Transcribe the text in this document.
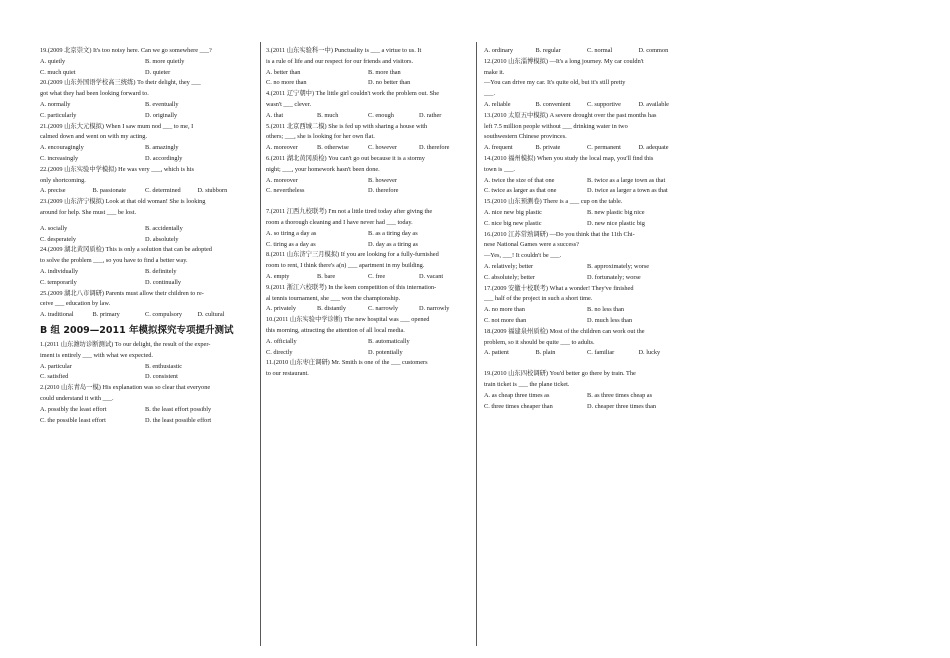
19.(2009 北京崇文) It's too noisy here. Can we go somewhere ___?

A. quietly	B. more quietly
C. much quiet	D. quieter

20.(2009 山东外国语学校高三统练) To their delight, they ___

got what they had been looking forward to.

A. normally	B. eventually
C. particularly	D. originally

21.(2009 山东大元模拟) When I saw mum nod ___ to me, I

calmed down and went on with my acting.

A. encouragingly	B. amazingly
C. increasingly	D. accordingly

22.(2009 山东实验中学模拟) He was very ___, which is his

only shortcoming.

A. precise	B. passionate	C. determined	D. stubborn

23.(2009 山东济宁模拟) Look at that old woman! She is looking

around for help. She must ___ be lost.

A. socially	B. accidentally
C. desperately	D. absolutely

24.(2009 湖北黄冈质检) This is only a solution that can be adopted

to solve the problem ___, so you have to find a better way.

A. individually	B. definitely
C. temporarily	D. continually

25.(2009 湖北八市调研) Parents must allow their children to re-

ceive ___ education by law.

A. traditional	B. primary	C. compulsory	D. cultural
B 组 2009—2011 年模拟探究专项提升测试

1.(2011 山东潍坊诊断测试) To our delight, the result of the exper-

iment is entirely ___ with what we expected.

A. particular	B. enthusiastic
C. satisfied	D. consistent

2.(2010 山东青岛一模) His explanation was so clear that everyone

could understand it with ___.

A. possibly the least effort	B. the least effort possibly
C. the possible least effort	D. the least possible effort

3.(2011 山东实验科一中) Punctuality is ___ a virtue to us. It

is a rule of life and our respect for our friends and visitors.

A. better than	B. more than
C. no more than	D. no better than

4.(2011 辽宁朝中) The little girl couldn't work the problem out. She

wasn't ___ clever.

A. that	B. much	C. enough	D. rather

5.(2011 北京西城二模) She is fed up with sharing a house with

others; ___, she is looking for her own flat.

A. moreover	B. otherwise	C. however	D. therefore

6.(2011 湖北黄冈质检) You can't go out because it is a stormy

night; ___, your homework hasn't been done.

A. moreover	B. however
C. nevertheless	D. therefore

7.(2011 江西九校联考) I'm not a little tired today after giving the

room a thorough cleaning and I have never had ___ today.

A. so tiring a day as	B. as a tiring day as
C. tiring as a day as	D. day as a tiring as

8.(2011 山东济宁三月模拟) If you are looking for a fully-furnished

room to rent, I think there's a(n) ___ apartment in my building.

A. empty	B. bare	C. free	D. vacant

9.(2011 浙江六校联考) In the keen competition of this internation-

al tennis tournament, she ___ won the championship.

A. privately	B. distantly	C. narrowly	D. narrowly

10.(2011 山东实验中学诊断) The new hospital was ___ opened

this morning, attracting the attention of all local media.

A. officially	B. automatically
C. directly	D. potentially

11.(2010 山东枣庄调研) Mr. Smith is one of the ___ customers

to our restaurant.

A. ordinary	B. regular	C. normal	D. common

12.(2010 山东淄博模拟) —It's a long journey. My car couldn't

make it.

—You can drive my car. It's quite old, but it's still pretty

___.

A. reliable	B. convenient	C. supportive	D. available

13.(2010 太原五中模拟) A severe drought over the past months has

left 7.5 million people without ___ drinking water in two

southwestern Chinese provinces.

A. frequent	B. private	C. permanent	D. adequate

14.(2010 福州模拟) When you study the local map, you'll find this

town is ___.

A. twice the size of that one	B. twice as a large town as that
C. twice as larger as that one	D. twice as larger a town as that

15.(2010 山东预测卷) There is a ___ cup on the table.

A. nice new big plastic	B. new plastic big nice
C. nice big new plastic	D. new nice plastic big

16.(2010 江苏常熟调研) —Do you think that the 11th Chi-

nese National Games were a success?

—Yes, ___! It couldn't be ___.

A. relatively; better	B. approximately; worse
C. absolutely; better	D. fortunately; worse

17.(2009 安徽十校联考) What a wonder! They've finished

___ half of the project in such a short time.

A. no more than	B. no less than
C. not more than	D. much less than

18.(2009 福建泉州质检) Most of the children can work out the

problem, so it should be quite ___ to adults.

A. patient	B. plain	C. familiar	D. lucky

19.(2010 山东四校调研) You'd better go there by train. The

train ticket is ___ the plane ticket.

A. as cheap three times as	B. as three times cheap as
C. three times cheaper than	D. cheaper three times than
